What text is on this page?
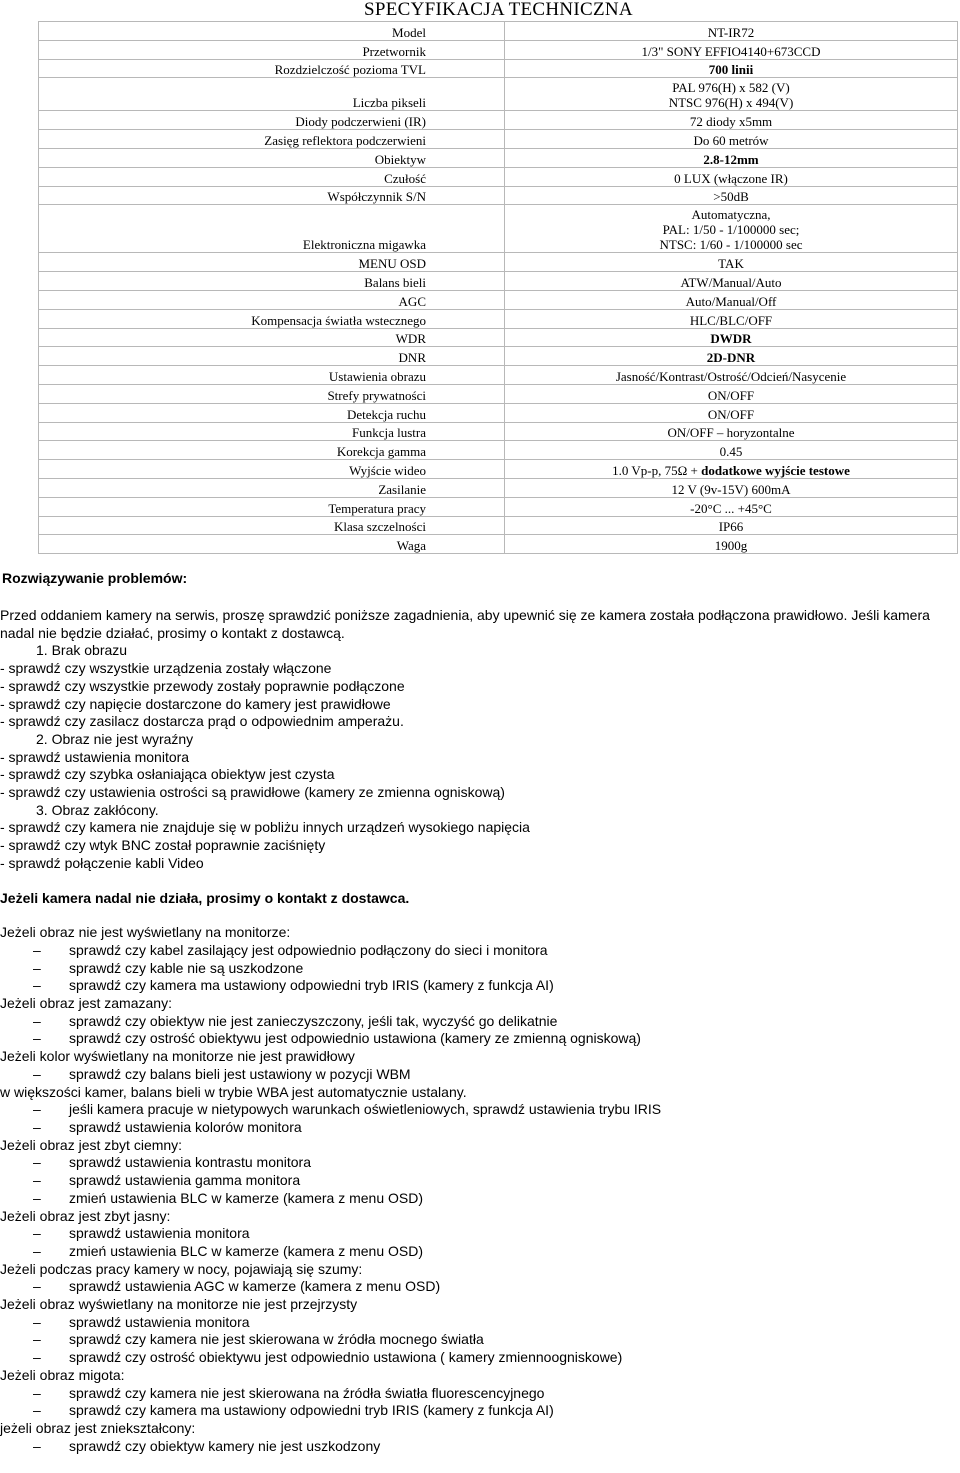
SPECYFIKACJA TECHNICZNA
Model	NT-IR72
Przetwornik	1/3" SONY EFFIO4140+673CCD
Rozdzielczość pozioma TVL	700 linii
Liczba pikseli	PAL 976(H) x 582 (V)
NTSC 976(H) x 494(V)

Diody podczerwieni (IR)	72 diody x5mm
Zasięg reflektora podczerwieni	Do 60 metrów
Obiektyw	2.8-12mm
Czułość	0 LUX (włączone IR)
Współczynnik S/N	>50dB
Elektroniczna migawka	Automatyczna,
PAL: 1/50 - 1/100000 sec;
NTSC: 1/60 - 1/100000 sec

MENU OSD	TAK
Balans bieli	ATW/Manual/Auto
AGC	Auto/Manual/Off
Kompensacja światła wstecznego	HLC/BLC/OFF
WDR	DWDR
DNR	2D-DNR
Ustawienia obrazu	Jasność/Kontrast/Ostrość/Odcień/Nasycenie
Strefy prywatności	ON/OFF
Detekcja ruchu	ON/OFF
Funkcja lustra	ON/OFF – horyzontalne
Korekcja gamma	0.45
Wyjście wideo	1.0 Vp-p, 75Ω + dodatkowe wyjście testowe
Zasilanie	12 V (9v-15V) 600mA
Temperatura pracy	-20°C ... +45°C
Klasa szczelności	IP66
Waga	1900g
Rozwiązywanie problemów:

Przed oddaniem kamery na serwis, proszę sprawdzić poniższe zagadnienia, aby upewnić się ze kamera została podłączona prawidłowo. Jeśli kamera nadal nie będzie działać, prosimy o kontakt z dostawcą.

1. Brak obrazu

- sprawdź czy wszystkie urządzenia zostały włączone

- sprawdź czy wszystkie przewody zostały poprawnie podłączone

- sprawdź czy napięcie dostarczone do kamery jest prawidłowe

- sprawdź czy zasilacz dostarcza prąd o odpowiednim amperażu.

2. Obraz nie jest wyraźny

- sprawdź ustawienia monitora

- sprawdź czy szybka osłaniająca obiektyw jest czysta

- sprawdź czy ustawienia ostrości są prawidłowe (kamery ze zmienna ogniskową)

3. Obraz zakłócony.

- sprawdź czy kamera nie znajduje się w pobliżu innych urządzeń wysokiego napięcia

- sprawdź czy wtyk BNC został poprawnie zaciśnięty

- sprawdź połączenie kabli Video

Jeżeli kamera nadal nie działa, prosimy o kontakt z dostawca.

Jeżeli obraz nie jest wyświetlany na monitorze:

– sprawdź czy kabel zasilający jest odpowiednio podłączony do sieci i monitora
– sprawdź czy kable nie są uszkodzone
– sprawdź czy kamera ma ustawiony odpowiedni tryb IRIS (kamery z funkcja AI)

Jeżeli obraz jest zamazany:

– sprawdź czy obiektyw nie jest zanieczyszczony, jeśli tak, wyczyść go delikatnie
– sprawdź czy ostrość obiektywu jest odpowiednio ustawiona (kamery ze zmienną ogniskową)

Jeżeli kolor wyświetlany na monitorze nie jest prawidłowy

– sprawdź czy balans bieli jest ustawiony w pozycji WBM

w większości kamer, balans bieli w trybie WBA jest automatycznie ustalany.

– jeśli kamera pracuje w nietypowych warunkach oświetleniowych, sprawdź ustawienia trybu IRIS
– sprawdź ustawienia kolorów monitora

Jeżeli obraz jest zbyt ciemny:

– sprawdź ustawienia kontrastu monitora
– sprawdź ustawienia gamma monitora
– zmień ustawienia BLC w kamerze (kamera z menu OSD)

Jeżeli obraz jest zbyt jasny:

– sprawdź ustawienia monitora
– zmień ustawienia BLC w kamerze (kamera z menu OSD)

Jeżeli podczas pracy kamery w nocy, pojawiają się szumy:

– sprawdź ustawienia AGC w kamerze (kamera z menu OSD)

Jeżeli obraz wyświetlany na monitorze nie jest przejrzysty

– sprawdź ustawienia monitora
– sprawdź czy kamera nie jest skierowana w źródła mocnego światła
– sprawdź czy ostrość obiektywu jest odpowiednio ustawiona ( kamery zmiennoogniskowe)

Jeżeli obraz migota:

– sprawdź czy kamera nie jest skierowana na źródła światła fluorescencyjnego
– sprawdź czy kamera ma ustawiony odpowiedni tryb IRIS (kamery z funkcja AI)

jeżeli obraz jest zniekształcony:

– sprawdź czy obiektyw kamery nie jest uszkodzony
